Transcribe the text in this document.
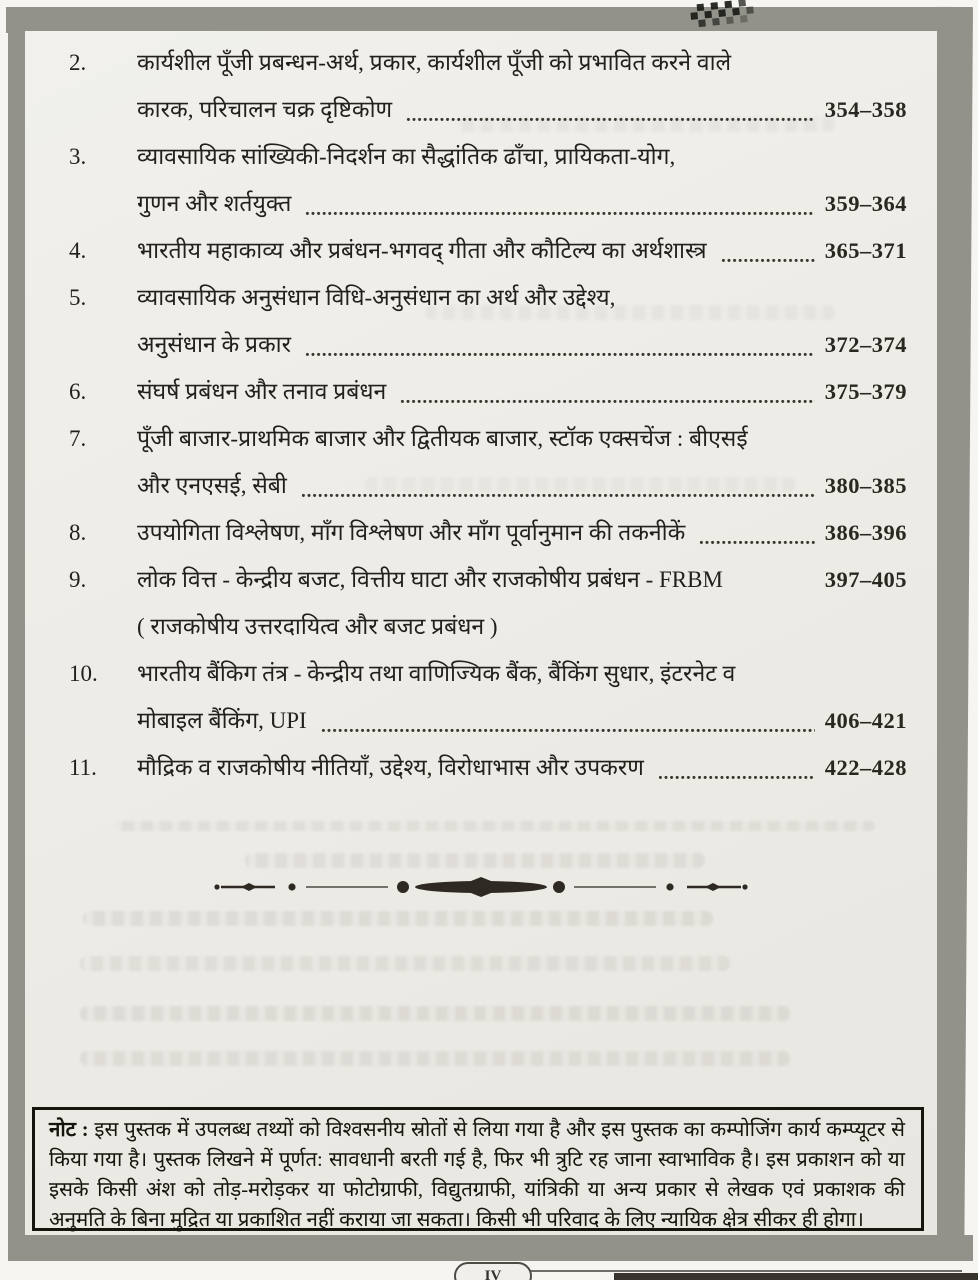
2.	कार्यशील पूँजी प्रबन्धन-अर्थ, प्रकार, कार्यशील पूँजी को प्रभावित करने वाले
कारक, परिचालन चक्र दृष्टिकोण	354–358
3.	व्यावसायिक सांख्यिकी-निदर्शन का सैद्धांतिक ढाँचा, प्रायिकता-योग,
गुणन और शर्तयुक्त	359–364
4.	भारतीय महाकाव्य और प्रबंधन-भगवद् गीता और कौटिल्य का अर्थशास्त्र	365–371
5.	व्यावसायिक अनुसंधान विधि-अनुसंधान का अर्थ और उद्देश्य,
अनुसंधान के प्रकार	372–374
6.	संघर्ष प्रबंधन और तनाव प्रबंधन	375–379
7.	पूँजी बाजार-प्राथमिक बाजार और द्वितीयक बाजार, स्टॉक एक्सचेंज : बीएसई
और एनएसई, सेबी	380–385
8.	उपयोगिता विश्लेषण, माँग विश्लेषण और माँग पूर्वानुमान की तकनीकें	386–396
9.	लोक वित्त - केन्द्रीय बजट, वित्तीय घाटा और राजकोषीय प्रबंधन - FRBM	397–405
( राजकोषीय उत्तरदायित्व और बजट प्रबंधन )
10.	भारतीय बैंकिग तंत्र - केन्द्रीय तथा वाणिज्यिक बैंक, बैंकिंग सुधार, इंटरनेट व
मोबाइल बैंकिंग, UPI	406–421
11.	मौद्रिक व राजकोषीय नीतियाँ, उद्देश्य, विरोधाभास और उपकरण	422–428
नोट : इस पुस्तक में उपलब्ध तथ्यों को विश्वसनीय स्रोतों से लिया गया है और इस पुस्तक का कम्पोजिंग कार्य कम्प्यूटर से किया गया है। पुस्तक लिखने में पूर्णत: सावधानी बरती गई है, फिर भी त्रुटि रह जाना स्वाभाविक है। इस प्रकाशन को या इसके किसी अंश को तोड़-मरोड़कर या फोटोग्राफी, विद्युतग्राफी, यांत्रिकी या अन्य प्रकार से लेखक एवं प्रकाशक की अनुमति के बिना मुद्रित या प्रकाशित नहीं कराया जा सकता। किसी भी परिवाद के लिए न्यायिक क्षेत्र सीकर ही होगा।
IV
